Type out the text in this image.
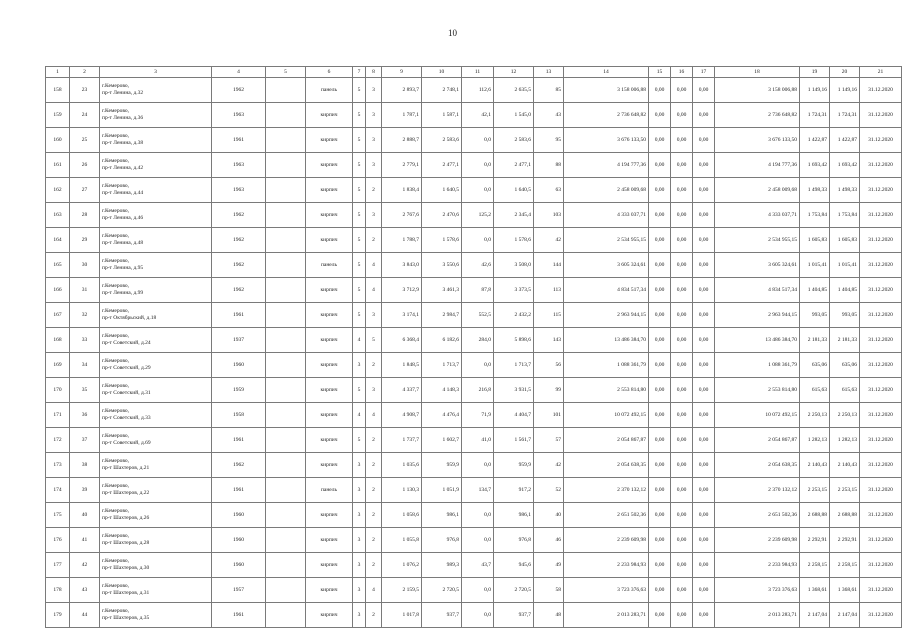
10
1	2	3	4	5	6	7	8	9	10	11	12	13	14	15	16	17	18	19	20	21
158	23	г.Кемерово,
пр-т Ленина, д.32	1962		панель	5	3	2 893,7	2 748,1	112,6	2 635,5	85	3 158 006,88	0,00	0,00	0,00	3 158 006,88	1 149,16	1 149,16	31.12.2020
159	24	г.Кемерово,
пр-т Ленина, д.36	1963		кирпич	5	3	1 787,1	1 587,1	42,1	1 545,0	43	2 736 648,82	0,00	0,00	0,00	2 736 648,82	1 724,31	1 724,31	31.12.2020
160	25	г.Кемерово,
пр-т Ленина, д.38	1961		кирпич	5	3	2 888,7	2 583,6	0,0	2 583,6	95	3 676 133,50	0,00	0,00	0,00	3 676 133,50	1 422,87	1 422,87	31.12.2020
161	26	г.Кемерово,
пр-т Ленина, д.42	1963		кирпич	5	3	2 779,1	2 477,1	0,0	2 477,1	88	4 194 777,36	0,00	0,00	0,00	4 194 777,36	1 693,42	1 693,42	31.12.2020
162	27	г.Кемерово,
пр-т Ленина, д.44	1963		кирпич	5	2	1 838,4	1 640,5	0,0	1 640,5	63	2 458 009,68	0,00	0,00	0,00	2 458 009,68	1 498,33	1 498,33	31.12.2020
163	28	г.Кемерово,
пр-т Ленина, д.46	1962		кирпич	5	3	2 767,6	2 470,6	125,2	2 345,4	103	4 333 037,71	0,00	0,00	0,00	4 333 037,71	1 753,84	1 753,84	31.12.2020
164	29	г.Кемерово,
пр-т Ленина, д.48	1962		кирпич	5	2	1 788,7	1 578,6	0,0	1 578,6	42	2 534 955,15	0,00	0,00	0,00	2 534 955,15	1 605,83	1 605,83	31.12.2020
165	30	г.Кемерово,
пр-т Ленина, д.95	1962		панель	5	4	3 843,0	3 550,6	42,6	3 508,0	144	3 605 324,61	0,00	0,00	0,00	3 605 324,61	1 015,41	1 015,41	31.12.2020
166	31	г.Кемерово,
пр-т Ленина, д.99	1962		кирпич	5	4	3 712,9	3 461,3	87,8	3 373,5	113	4 834 517,34	0,00	0,00	0,00	4 834 517,34	1 404,85	1 404,85	31.12.2020
167	32	г.Кемерово,
пр-т Октябрьский, д.18	1961		кирпич	5	3	3 174,1	2 984,7	552,5	2 432,2	115	2 963 944,15	0,00	0,00	0,00	2 963 944,15	993,05	993,05	31.12.2020
168	33	г.Кемерово,
пр-т Советский, д.24	1937		кирпич	4	5	6 368,4	6 182,6	284,0	5 898,6	143	13 486 384,70	0,00	0,00	0,00	13 486 384,70	2 181,33	2 181,33	31.12.2020
169	34	г.Кемерово,
пр-т Советский, д.29	1960		кирпич	3	2	1 848,5	1 713,7	0,0	1 713,7	56	1 088 361,79	0,00	0,00	0,00	1 088 361,79	635,06	635,06	31.12.2020
170	35	г.Кемерово,
пр-т Советский, д.31	1959		кирпич	5	3	4 337,7	4 148,3	216,8	3 931,5	99	2 553 814,80	0,00	0,00	0,00	2 553 814,80	615,63	615,63	31.12.2020
171	36	г.Кемерово,
пр-т Советский, д.33	1958		кирпич	4	4	4 908,7	4 476,4	71,9	4 404,7	101	10 072 492,15	0,00	0,00	0,00	10 072 492,15	2 250,13	2 250,13	31.12.2020
172	37	г.Кемерово,
пр-т Советский, д.69	1961		кирпич	5	2	1 737,7	1 602,7	41,0	1 561,7	57	2 054 867,87	0,00	0,00	0,00	2 054 867,87	1 282,13	1 282,13	31.12.2020
173	38	г.Кемерово,
пр-т Шахтеров, д.21	1962		кирпич	3	2	1 035,6	959,9	0,0	959,9	42	2 054 638,35	0,00	0,00	0,00	2 054 638,35	2 140,43	2 140,43	31.12.2020
174	39	г.Кемерово,
пр-т Шахтеров, д.22	1961		панель	3	2	1 130,3	1 051,9	134,7	917,2	52	2 370 132,12	0,00	0,00	0,00	2 370 132,12	2 253,15	2 253,15	31.12.2020
175	40	г.Кемерово,
пр-т Шахтеров, д.26	1960		кирпич	3	2	1 058,6	986,1	0,0	986,1	40	2 651 502,36	0,00	0,00	0,00	2 651 502,36	2 688,88	2 688,88	31.12.2020
176	41	г.Кемерово,
пр-т Шахтеров, д.28	1960		кирпич	3	2	1 055,8	976,8	0,0	976,8	46	2 239 609,98	0,00	0,00	0,00	2 239 609,98	2 292,91	2 292,91	31.12.2020
177	42	г.Кемерово,
пр-т Шахтеров, д.30	1960		кирпич	3	2	1 076,2	989,3	43,7	945,6	49	2 233 984,93	0,00	0,00	0,00	2 233 984,93	2 258,15	2 258,15	31.12.2020
178	43	г.Кемерово,
пр-т Шахтеров, д.31	1957		кирпич	3	4	2 159,5	2 720,5	0,0	2 720,5	58	3 723 376,63	0,00	0,00	0,00	3 723 376,63	1 368,61	1 368,61	31.12.2020
179	44	г.Кемерово,
пр-т Шахтеров, д.35	1961		кирпич	3	2	1 017,8	937,7	0,0	937,7	48	2 013 283,71	0,00	0,00	0,00	2 013 283,71	2 147,04	2 147,04	31.12.2020
